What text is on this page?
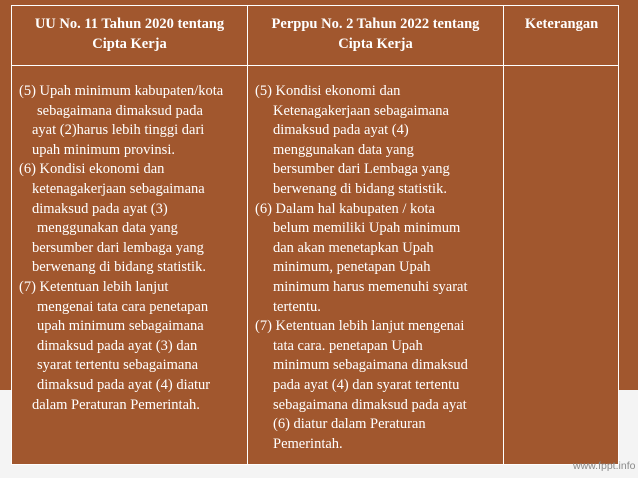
UU No. 11 Tahun 2020 tentang
Cipta Kerja
Perppu No. 2 Tahun 2022 tentang
Cipta Kerja
Keterangan
(5) Upah minimum kabupaten/kota
sebagaimana dimaksud pada
ayat (2)harus lebih tinggi dari
upah minimum provinsi.
(6) Kondisi ekonomi dan
ketenagakerjaan sebagaimana
dimaksud pada ayat (3)
menggunakan data yang
bersumber dari lembaga yang
berwenang di bidang statistik.
(7) Ketentuan lebih lanjut
mengenai tata cara penetapan
upah minimum sebagaimana
dimaksud pada ayat (3) dan
syarat tertentu sebagaimana
dimaksud pada ayat (4) diatur
dalam Peraturan Pemerintah.
(5) Kondisi ekonomi dan
Ketenagakerjaan sebagaimana
dimaksud pada ayat (4)
menggunakan data yang
bersumber dari Lembaga yang
berwenang di bidang statistik.
(6) Dalam hal kabupaten / kota
belum memiliki Upah minimum
dan akan menetapkan Upah
minimum, penetapan Upah
minimum harus memenuhi syarat
tertentu.
(7) Ketentuan lebih lanjut mengenai
tata cara. penetapan Upah
minimum sebagaimana dimaksud
pada ayat (4) dan syarat tertentu
sebagaimana dimaksud pada ayat
(6) diatur dalam Peraturan
Pemerintah.
www.fppt.info
